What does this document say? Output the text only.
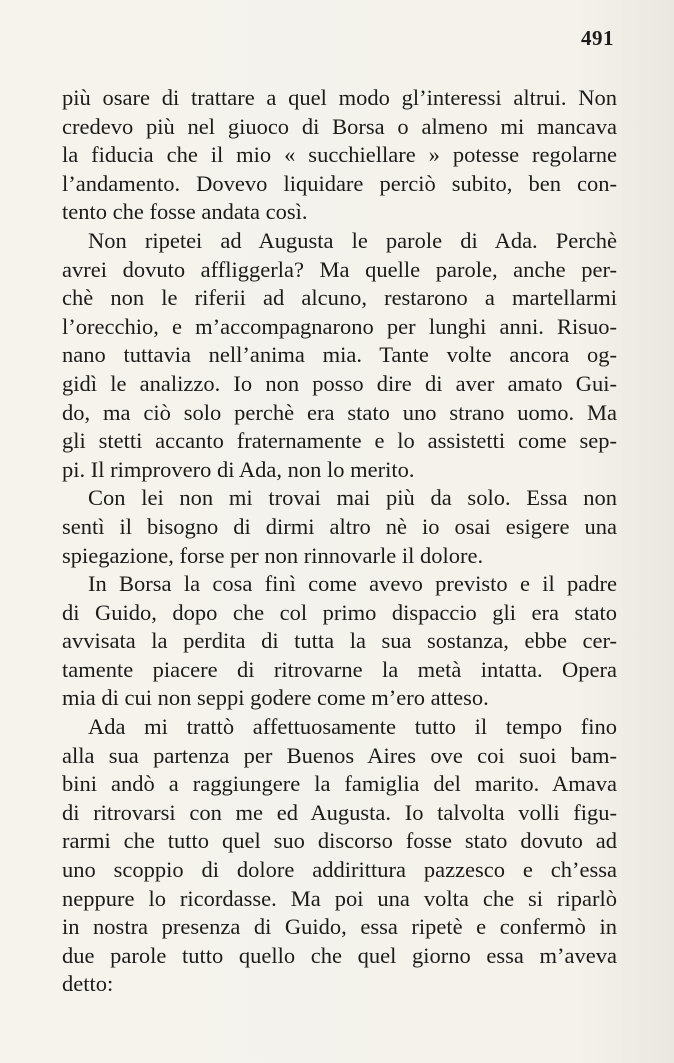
491
più osare di trattare a quel modo gl’interessi altrui. Non
credevo più nel giuoco di Borsa o almeno mi mancava
la fiducia che il mio « succhiellare » potesse regolarne
l’andamento. Dovevo liquidare perciò subito, ben con-
tento che fosse andata così.
Non ripetei ad Augusta le parole di Ada. Perchè
avrei dovuto affliggerla? Ma quelle parole, anche per-
chè non le riferii ad alcuno, restarono a martellarmi
l’orecchio, e m’accompagnarono per lunghi anni. Risuo-
nano tuttavia nell’anima mia. Tante volte ancora og-
gidì le analizzo. Io non posso dire di aver amato Gui-
do, ma ciò solo perchè era stato uno strano uomo. Ma
gli stetti accanto fraternamente e lo assistetti come sep-
pi. Il rimprovero di Ada, non lo merito.
Con lei non mi trovai mai più da solo. Essa non
sentì il bisogno di dirmi altro nè io osai esigere una
spiegazione, forse per non rinnovarle il dolore.
In Borsa la cosa finì come avevo previsto e il padre
di Guido, dopo che col primo dispaccio gli era stato
avvisata la perdita di tutta la sua sostanza, ebbe cer-
tamente piacere di ritrovarne la metà intatta. Opera
mia di cui non seppi godere come m’ero atteso.
Ada mi trattò affettuosamente tutto il tempo fino
alla sua partenza per Buenos Aires ove coi suoi bam-
bini andò a raggiungere la famiglia del marito. Amava
di ritrovarsi con me ed Augusta. Io talvolta volli figu-
rarmi che tutto quel suo discorso fosse stato dovuto ad
uno scoppio di dolore addirittura pazzesco e ch’essa
neppure lo ricordasse. Ma poi una volta che si riparlò
in nostra presenza di Guido, essa ripetè e confermò in
due parole tutto quello che quel giorno essa m’aveva
detto:
